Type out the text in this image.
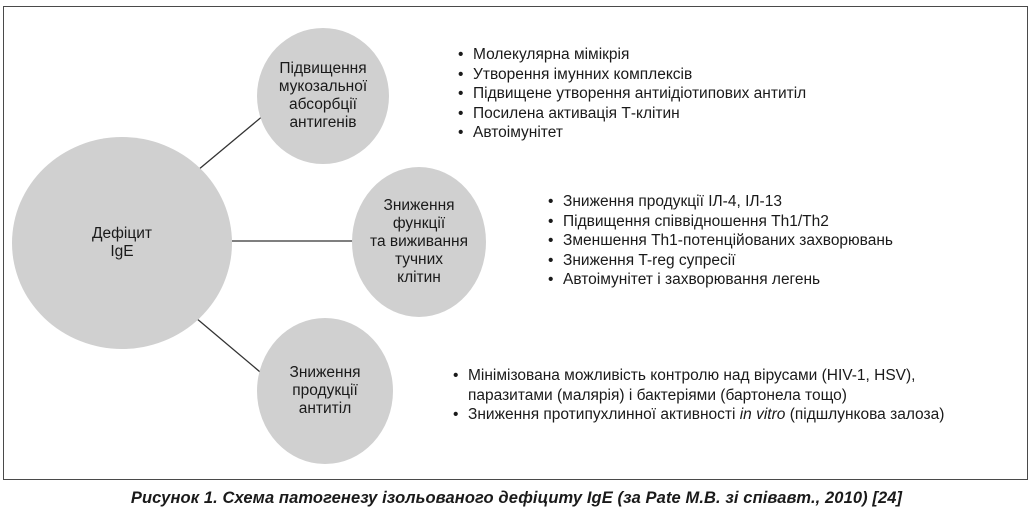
Дефіцит
IgE
Підвищення
мукозальної
абсорбції
антигенів
Зниження
функції
та виживання
тучних
клітин
Зниження
продукції
антитіл
• Молекулярна мімікрія
• Утворення імунних комплексів
• Підвищене утворення антиідіотипових антитіл
• Посилена активація Т-клітин
• Автоімунітет
• Зниження продукції ІЛ-4, ІЛ-13
• Підвищення співвідношення Th1/Th2
• Зменшення Th1-потенційованих захворювань
• Зниження T-reg супресії
• Автоімунітет і захворювання легень
• Мінімізована можливість контролю над вірусами (HIV-1, HSV), паразитами (малярія) і бактеріями (бартонела тощо)
• Зниження протипухлинної активності in vitro (підшлункова залоза)
Рисунок 1. Схема патогенезу ізольованого дефіциту IgE (за Pate M.B. зі співавт., 2010) [24]
